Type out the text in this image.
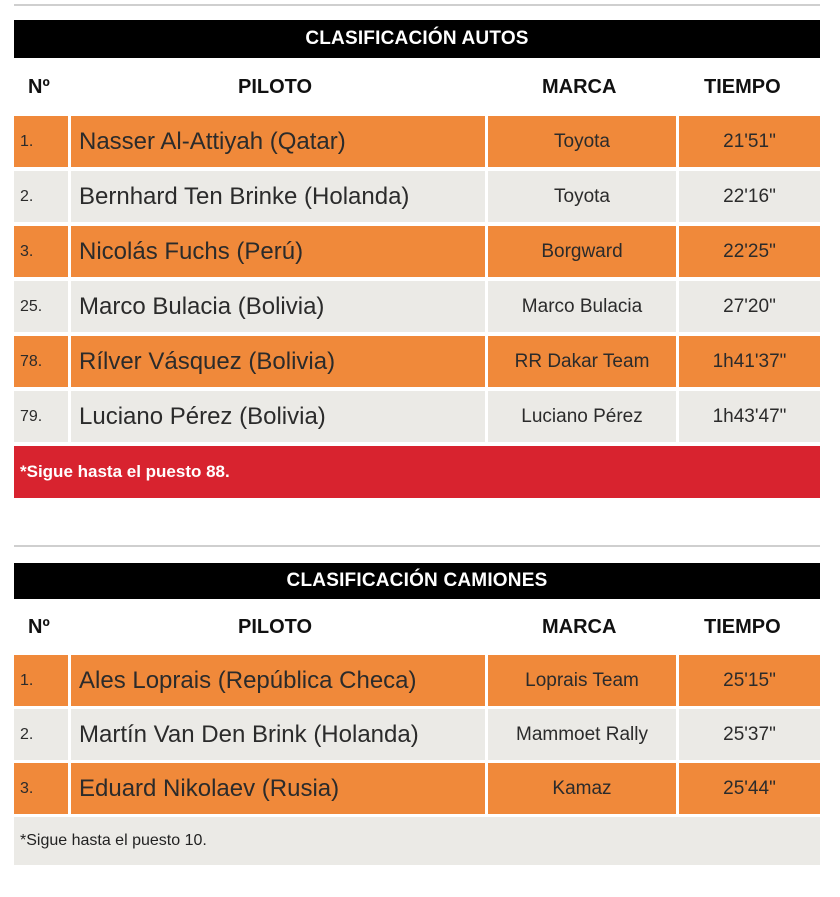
CLASIFICACIÓN AUTOS
Nº	PILOTO	MARCA	TIEMPO
1.	Nasser Al-Attiyah (Qatar)	Toyota	21'51"
2.	Bernhard Ten Brinke (Holanda)	Toyota	22'16"
3.	Nicolás Fuchs (Perú)	Borgward	22'25"
25.	Marco Bulacia (Bolivia)	Marco Bulacia	27'20"
78.	Rílver Vásquez (Bolivia)	RR Dakar Team	1h41'37"
79.	Luciano Pérez (Bolivia)	Luciano Pérez	1h43'47"
*Sigue hasta el puesto 88.
CLASIFICACIÓN CAMIONES
Nº	PILOTO	MARCA	TIEMPO
1.	Ales Loprais (República Checa)	Loprais Team	25'15"
2.	Martín Van Den Brink (Holanda)	Mammoet Rally	25'37"
3.	Eduard Nikolaev (Rusia)	Kamaz	25'44"
*Sigue hasta el puesto 10.
